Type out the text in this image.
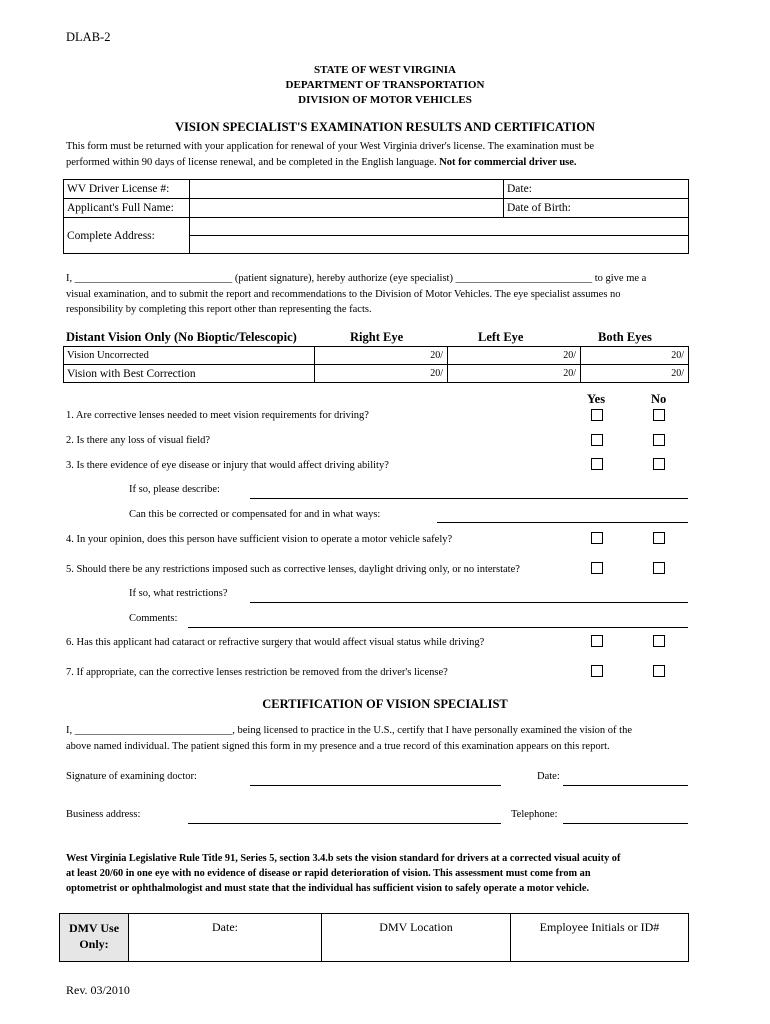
DLAB-2
STATE OF WEST VIRGINIA
DEPARTMENT OF TRANSPORTATION
DIVISION OF MOTOR VEHICLES
VISION SPECIALIST'S EXAMINATION RESULTS AND CERTIFICATION
This form must be returned with your application for renewal of your West Virginia driver's license. The examination must be
performed within 90 days of license renewal, and be completed in the English language. Not for commercial driver use.
WV Driver License #:		Date:
Applicant's Full Name:		Date of Birth:
Complete Address:		

I, ______________________________ (patient signature), hereby authorize (eye specialist) __________________________ to give me a
visual examination, and to submit the report and recommendations to the Division of Motor Vehicles. The eye specialist assumes no
responsibility by completing this report other than representing the facts.
Distant Vision Only (No Bioptic/Telescopic)	Right Eye	Left Eye	Both Eyes
Vision Uncorrected	20/	20/	20/
Vision with Best Correction	20/	20/	20/
Yes	No
1. Are corrective lenses needed to meet vision requirements for driving?
2. Is there any loss of visual field?
3. Is there evidence of eye disease or injury that would affect driving ability?
If so, please describe:
Can this be corrected or compensated for and in what ways:
4. In your opinion, does this person have sufficient vision to operate a motor vehicle safely?
5. Should there be any restrictions imposed such as corrective lenses, daylight driving only, or no interstate?
If so, what restrictions?
Comments:
6. Has this applicant had cataract or refractive surgery that would affect visual status while driving?
7. If appropriate, can the corrective lenses restriction be removed from the driver's license?
CERTIFICATION OF VISION SPECIALIST
I, ______________________________, being licensed to practice in the U.S., certify that I have personally examined the vision of the
above named individual. The patient signed this form in my presence and a true record of this examination appears on this report.
Signature of examining doctor:	Date:
Business address:	Telephone:
West Virginia Legislative Rule Title 91, Series 5, section 3.4.b sets the vision standard for drivers at a corrected visual acuity of
at least 20/60 in one eye with no evidence of disease or rapid deterioration of vision. This assessment must come from an
optometrist or ophthalmologist and must state that the individual has sufficient vision to safely operate a motor vehicle.
DMV Use
Only:
	Date:	DMV Location	Employee Initials or ID#
Rev. 03/2010
